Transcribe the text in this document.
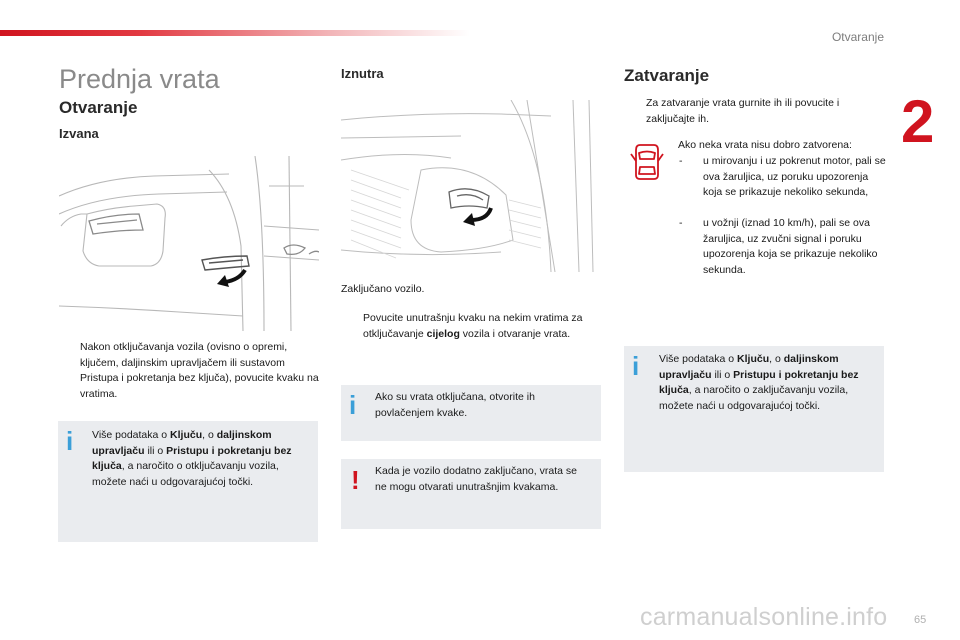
Otvaranje
2
Prednja vrata
Otvaranje
Izvana

Nakon otključavanja vozila (ovisno o opremi, ključem, daljinskim upravljačem ili sustavom Pristupa i pokretanja bez ključa), povucite kvaku na vratima.

i Više podataka o Ključu, o daljinskom upravljaču ili o Pristupu i pokretanju bez ključa, a naročito o otključavanju vozila, možete naći u odgovarajućoj točki.

Iznutra

Zaključano vozilo.

Povucite unutrašnju kvaku na nekim vratima za otključavanje cijelog vozila i otvaranje vrata.

i Ako su vrata otključana, otvorite ih povlačenjem kvake.

! Kada je vozilo dodatno zaključano, vrata se ne mogu otvarati unutrašnjim kvakama.

Zatvaranje

Za zatvaranje vrata gurnite ih ili povucite i zaključajte ih.

Ako neka vrata nisu dobro zatvorena:

- u mirovanju i uz pokrenut motor, pali se ova žaruljica, uz poruku upozorenja koja se prikazuje nekoliko sekunda,

- u vožnji (iznad 10 km/h), pali se ova žaruljica, uz zvučni signal i poruku upozorenja koja se prikazuje nekoliko sekunda.

i Više podataka o Ključu, o daljinskom upravljaču ili o Pristupu i pokretanju bez ključa, a naročito o zaključavanju vozila, možete naći u odgovarajućoj točki.

65
carmanualsonline.info
